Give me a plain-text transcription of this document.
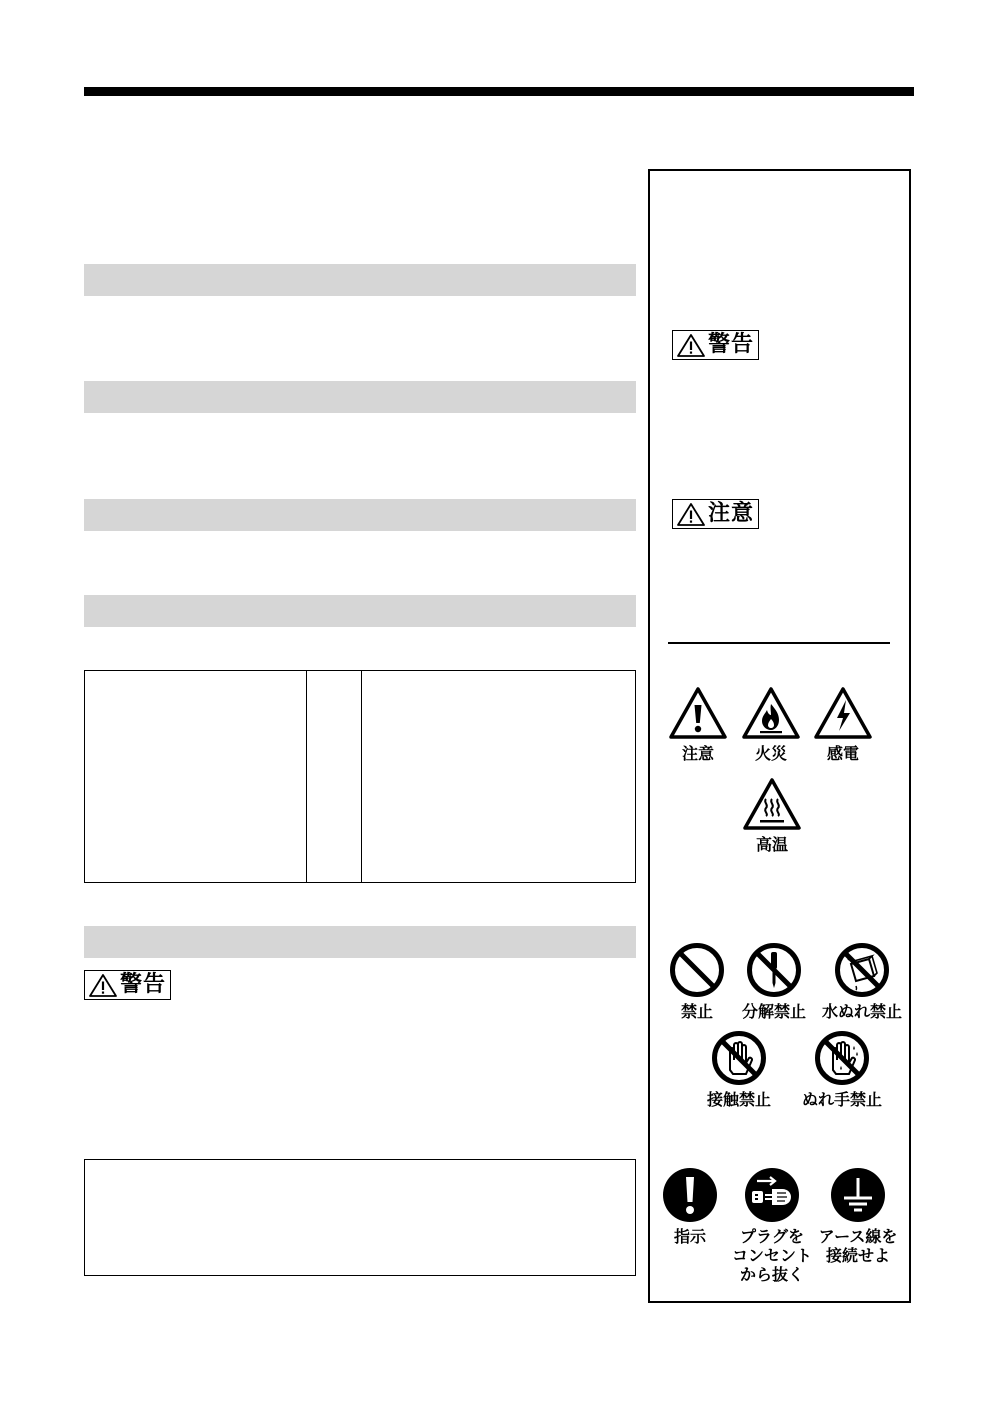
警告
警告
注意
注意	火災 感電
高温
禁止 分解禁止 水ぬれ禁止
接触禁止 ぬれ手禁止
指示	プラグを
コンセント
から抜く
アース線を
接続せよ
